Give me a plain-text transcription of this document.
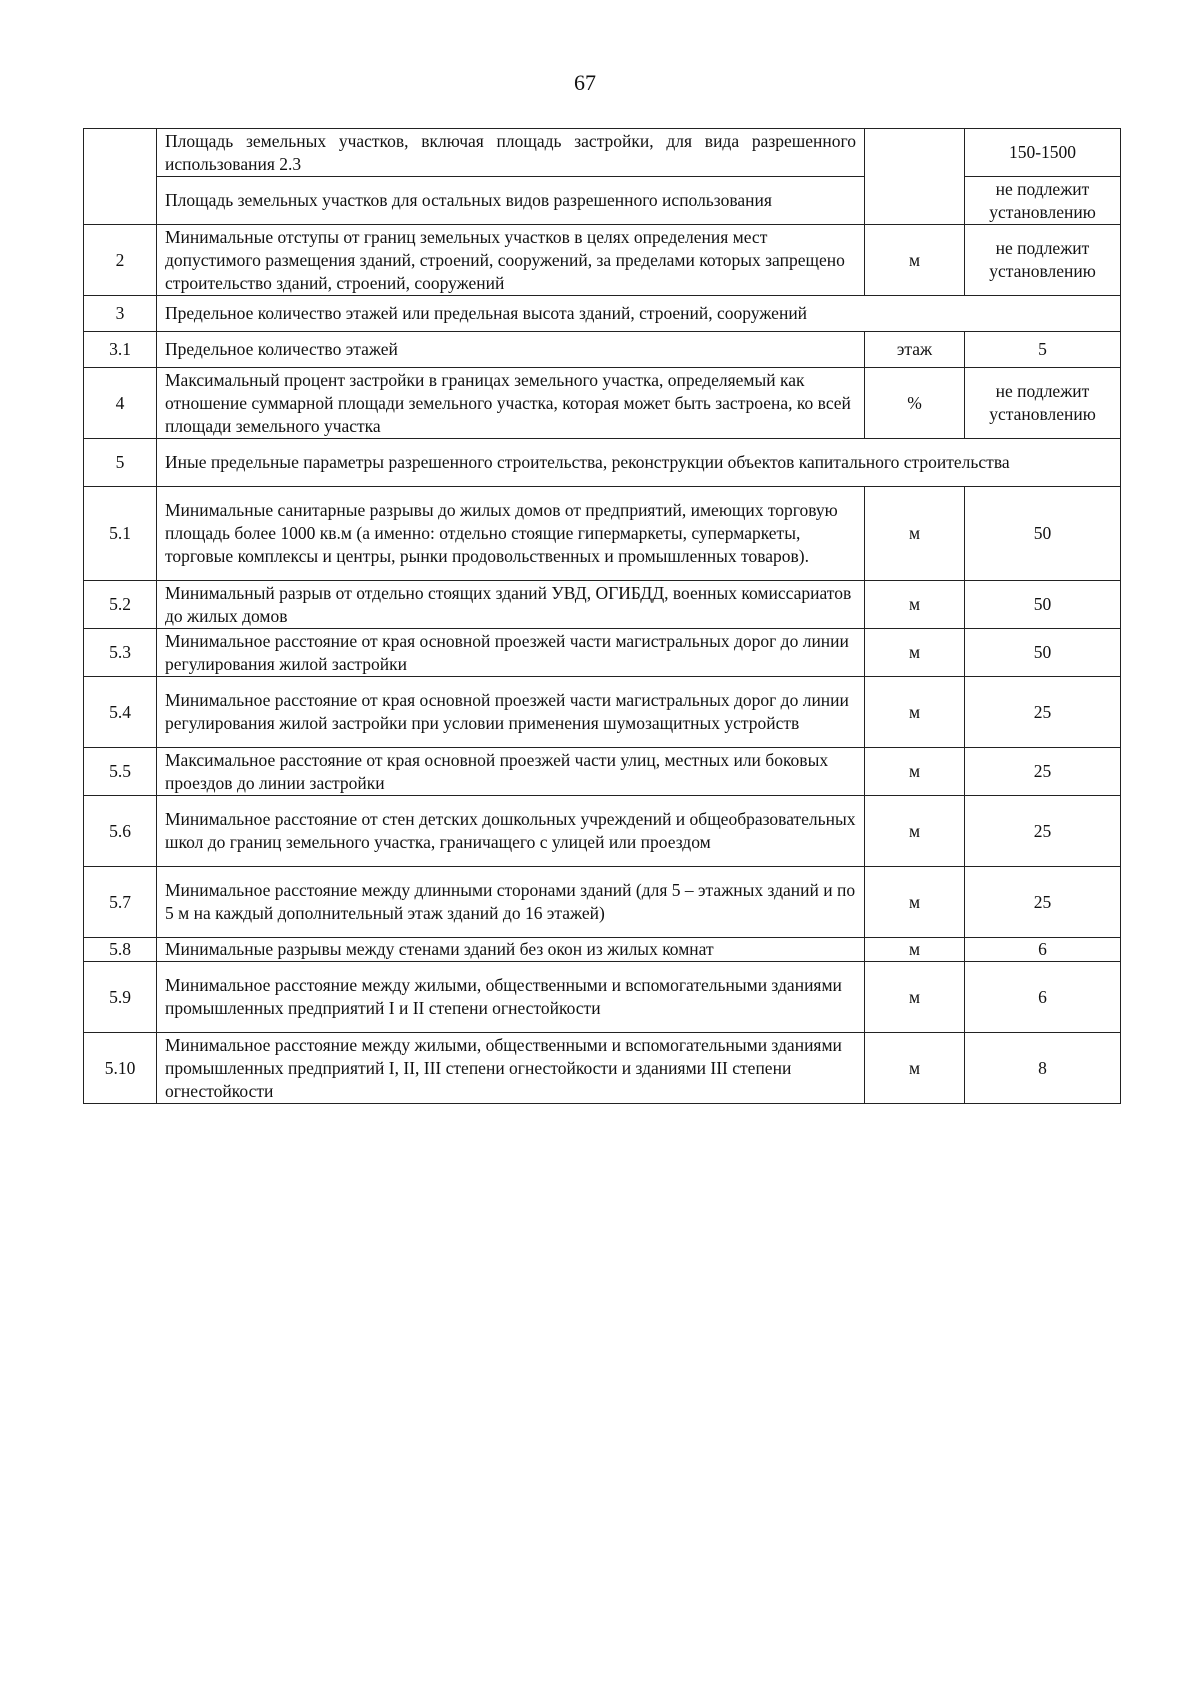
67
	Площадь земельных участков, включая площадь застройки, для вида разрешенного использования 2.3		150-1500
	Площадь земельных участков для остальных видов разрешенного использования		не подлежит установлению
2	Минимальные отступы от границ земельных участков в целях определения мест допустимого размещения зданий, строений, сооружений, за пределами которых запрещено строительство зданий, строений, сооружений	м	не подлежит установлению
3	Предельное количество этажей или предельная высота зданий, строений, сооружений		
3.1	Предельное количество этажей	этаж	5
4	Максимальный процент застройки в границах земельного участка, определяемый как отношение суммарной площади земельного участка, которая может быть застроена, ко всей площади земельного участка	%	не подлежит установлению
5	Иные предельные параметры разрешенного строительства, реконструкции объектов капитального строительства		
5.1	Минимальные санитарные разрывы до жилых домов от предприятий, имеющих торговую площадь более 1000 кв.м (а именно: отдельно стоящие гипермаркеты, супермаркеты, торговые комплексы и центры, рынки продовольственных и промышленных товаров).	м	50
5.2	Минимальный разрыв от отдельно стоящих зданий УВД, ОГИБДД, военных комиссариатов до жилых домов	м	50
5.3	Минимальное расстояние от края основной проезжей части магистральных дорог до линии регулирования жилой застройки	м	50
5.4	Минимальное расстояние от края основной проезжей части магистральных дорог до линии регулирования жилой застройки при условии применения шумозащитных устройств	м	25
5.5	Максимальное расстояние от края основной проезжей части улиц, местных или боковых проездов до линии застройки	м	25
5.6	Минимальное расстояние от стен детских дошкольных учреждений и общеобразовательных школ до границ земельного участка, граничащего с улицей или проездом	м	25
5.7	Минимальное расстояние между длинными сторонами зданий (для 5 – этажных зданий и по 5 м на каждый дополнительный этаж зданий до 16 этажей)	м	25
5.8	Минимальные разрывы между стенами зданий без окон из жилых комнат	м	6
5.9	Минимальное расстояние между жилыми, общественными и вспомогательными зданиями промышленных предприятий I и II степени огнестойкости	м	6
5.10	Минимальное расстояние между жилыми, общественными и вспомогательными зданиями промышленных предприятий I, II, III степени огнестойкости и зданиями III степени огнестойкости	м	8
